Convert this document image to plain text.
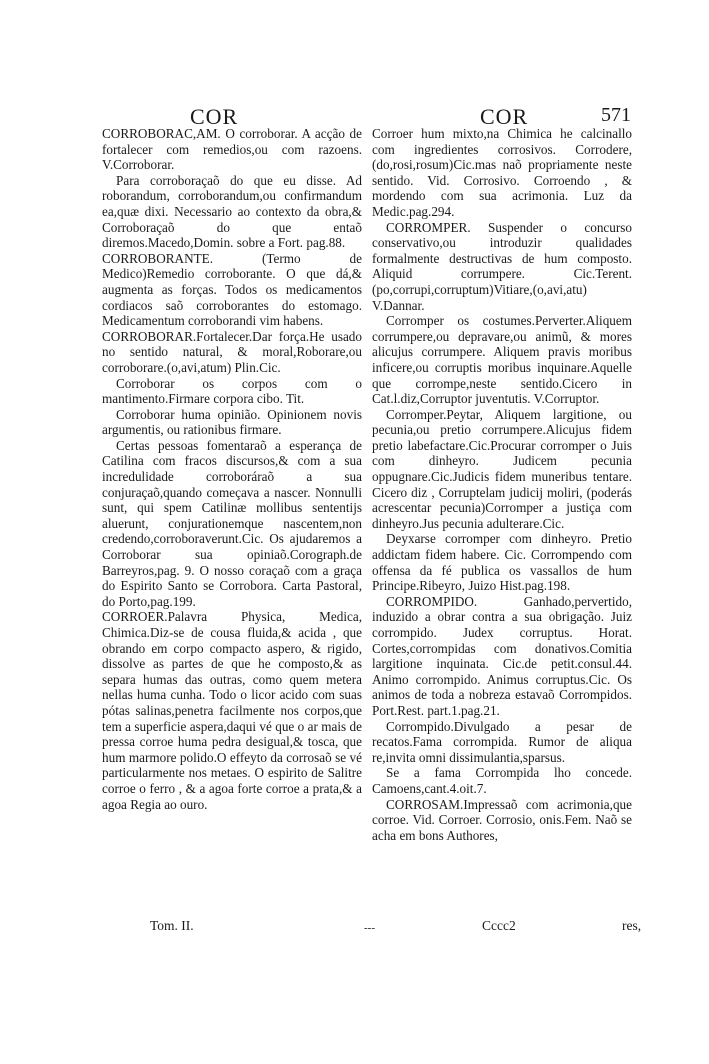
COR	COR	571

CORROBORAC,AM. O corroborar. A acção de fortalecer com remedios,ou com razoens. V.Corroborar.

Para corroboraçaõ do que eu disse. Ad roborandum, corroborandum,ou confirmandum ea,quæ dixi. Necessario ao contexto da obra,& Corroboraçaõ do que entaõ diremos.Macedo,Domin. sobre a Fort. pag.88.

CORROBORANTE. (Termo de Medico)Remedio corroborante. O que dá,& augmenta as forças. Todos os medicamentos cordiacos saõ corroborantes do estomago. Medicamentum corroborandi vim habens.

CORROBORAR.Fortalecer.Dar força.He usado no sentido natural, & moral,Roborare,ou corroborare.(o,avi,atum) Plin.Cic.

Corroborar os corpos com o mantimento.Firmare corpora cibo. Tit.

Corroborar huma opinião. Opinionem novis argumentis, ou rationibus firmare.

Certas pessoas fomentaraõ a esperança de Catilina com fracos discursos,& com a sua incredulidade corroboráraõ a sua conjuraçaõ,quando começava a nascer. Nonnulli sunt, qui spem Catilinæ mollibus sententijs aluerunt, conjurationemque nascentem,non credendo,corroboraverunt.Cic. Os ajudaremos a Corroborar sua opiniaõ.Corograph.de Barreyros,pag. 9. O nosso coraçaõ com a graça do Espirito Santo se Corrobora. Carta Pastoral, do Porto,pag.199.

CORROER.Palavra Physica, Medica, Chimica.Diz-se de cousa fluida,& acida , que obrando em corpo compacto aspero, & rigido, dissolve as partes de que he composto,& as separa humas das outras, como quem metera nellas huma cunha. Todo o licor acido com suas pótas salinas,penetra facilmente nos corpos,que tem a superficie aspera,daqui vé que o ar mais de pressa corroe huma pedra desigual,& tosca, que hum marmore polido.O effeyto da corrosaõ se vé particularmente nos metaes. O espirito de Salitre corroe o ferro , & a agoa forte corroe a prata,& a agoa Regia ao ouro.

Corroer hum mixto,na Chimica he calcinallo com ingredientes corrosivos. Corrodere, (do,rosi,rosum)Cic.mas naõ propriamente neste sentido. Vid. Corrosivo. Corroendo , & mordendo com sua acrimonia. Luz da Medic.pag.294.

CORROMPER. Suspender o concurso conservativo,ou introduzir qualidades formalmente destructivas de hum composto. Aliquid corrumpere. Cic.Terent. (po,corrupi,corruptum)Vitiare,(o,avi,atu) V.Dannar.

Corromper os costumes.Perverter.Aliquem corrumpere,ou depravare,ou animũ, & mores alicujus corrumpere. Aliquem pravis moribus inficere,ou corruptis moribus inquinare.Aquelle que corrompe,neste sentido.Cicero in Cat.l.diz,Corruptor juventutis. V.Corruptor.

Corromper.Peytar, Aliquem largitione, ou pecunia,ou pretio corrumpere.Alicujus fidem pretio labefactare.Cic.Procurar corromper o Juis com dinheyro. Judicem pecunia oppugnare.Cic.Judicis fidem muneribus tentare. Cicero diz , Corruptelam judicij moliri, (poderás acrescentar pecunia)Corromper a justiça com dinheyro.Jus pecunia adulterare.Cic.

Deyxarse corromper com dinheyro. Pretio addictam fidem habere. Cic. Corrompendo com offensa da fé publica os vassallos de hum Principe.Ribeyro, Juizo Hist.pag.198.

CORROMPIDO. Ganhado,pervertido, induzido a obrar contra a sua obrigação. Juiz corrompido. Judex corruptus. Horat. Cortes,corrompidas com donativos.Comitia largitione inquinata. Cic.de petit.consul.44. Animo corrompido. Animus corruptus.Cic. Os animos de toda a nobreza estavaõ Corrompidos. Port.Rest. part.1.pag.21.

Corrompido.Divulgado a pesar de recatos.Fama corrompida. Rumor de aliqua re,invita omni dissimulantia,sparsus.

Se a fama Corrompida lho concede. Camoens,cant.4.oit.7.

CORROSAM.Impressaõ com acrimonia,que corroe. Vid. Corroer. Corrosio, onis.Fem. Naõ se acha em bons Authores,

Tom. II.	---	Cccc2	res,
